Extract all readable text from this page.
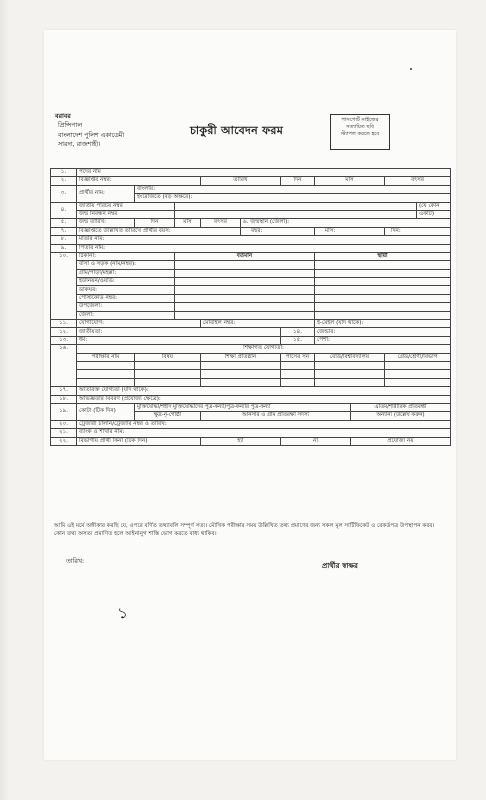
বরাবর
প্রিন্সিপাল
বাংলাদেশ পুলিশ একাডেমী
সারদা, রাজশাহী।
চাকুরী আবেদন ফরম
পাসপোর্ট সাইজের
সত্যায়িত ছবি
স্ট্যাপল করতে হবে
১.	পদের নাম									
২.	বিজ্ঞপ্তির নম্বর:			তারিখ		দিন	মাস		বৎসর	
৩.	প্রার্থীর নাম:	বাংলায়:								
		ইংরেজিতে (বড় অক্ষরে):								
৪.	জাতীয় পরিচয় নম্বর									(যে কোন
	জন্ম নিবন্ধন নম্বর									একটি)
৫.	জন্ম তারিখ:	দিন	মাস	বৎসর	৬. জন্মস্থান (জেলা):					
৭.	বিজ্ঞপ্তিতে উল্লিখিত তারিখে প্রার্থীর বয়স:				বছর:		মাস:		দিন:	
৮.	মাতার নাম:									
৯.	পিতার নাম:									
১০.	ঠিকানা:		বর্তমান				স্থায়ী			
	বাসা ও সড়ক (নাম/নম্বর):									
	গ্রাম/পাড়া/মহল্লা:									
	ইউনিয়ন/ওয়ার্ড:									
	ডাকঘর:									
	পোস্টকোড নম্বর:									
	উপজেলা:									
	জেলা:									
১১.	যোগাযোগ:			মোবাইল নম্বর:			ই-মেইল (যদি থাকে):			
১২.	জাতীয়তা:					১৪.	জেন্ডার:			
১৩.	ধর্ম:					১৫.	পেশা:			
১৬.	শিক্ষাগত যোগ্যতা:									
	পরীক্ষার নাম	বিষয়		শিক্ষা প্রতিষ্ঠান		পাসের সন	বোর্ড/বিশ্ববিদ্যালয়		গ্রেড/শ্রেণী/বিভাগ	

১৭.	অতিরিক্ত যোগ্যতা (যদি থাকে):									
১৮.	অভিজ্ঞতার বিবরণ (প্রযোজ্য ক্ষেত্রে):									
১৯.	কোটা (টিক দিন)	মুক্তিযোদ্ধা/শহীদ মুক্তিযোদ্ধাদের পুত্র-কন্যা/পুত্র-কন্যার পুত্র-কন্যা						এতিম/শারীরিক প্রতিবন্ধী		
		ক্ষুদ্র-নৃ-গোষ্ঠী		আনসার ও গ্রাম প্রতিরক্ষা সদস্য				অন্যান্য (উল্লেখ করুন)		
২০.	ট্রেজারী চালান/ট্রেজারি নম্বর ও তারিখ:									
২১.	ব্যাংক ও শাখার নাম:									
২২.	বিভাগীয় প্রার্থী কিনা (টিক দিন)			হ্যাঁ		না		প্রযোজ্য নয়		
আমি এই মর্মে অঙ্গীকার করছি যে, ওপরে বর্ণিত তথ্যাবলি সম্পূর্ণ সত্য। মৌখিক পরীক্ষার সময় উল্লিখিত তথ্য প্রমাণের জন্য সকল মূল সার্টিফিকেট ও রেকর্ডপত্র উপস্থাপন করব। কোন তথ্য অসত্য প্রমাণিত হলে আইনানুগ শাস্তি ভোগ করতে বাধ্য থাকিব।
তারিখ:
প্রার্থীর স্বাক্ষর
১
